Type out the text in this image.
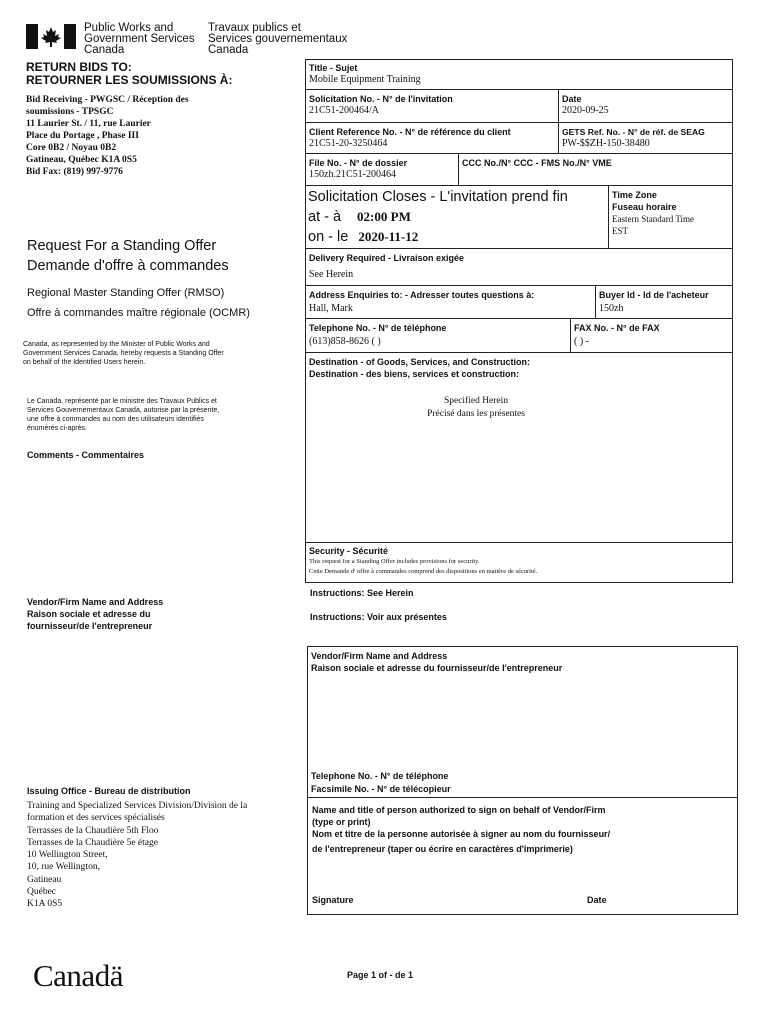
Public Works and
Government Services
Canada
Travaux publics et
Services gouvernementaux
Canada
RETURN BIDS TO:
RETOURNER LES SOUMISSIONS À:
Bid Receiving - PWGSC / Réception des
soumissions - TPSGC
11 Laurier St. / 11, rue Laurier
Place du Portage , Phase III
Core 0B2 / Noyau 0B2
Gatineau, Québec K1A 0S5
Bid Fax: (819) 997-9776
Request For a Standing Offer
Demande d'offre à commandes
Regional Master Standing Offer (RMSO)
Offre à commandes maître régionale (OCMR)
Canada, as represented by the Minister of Public Works and
Government Services Canada, hereby requests a Standing Offer
on behalf of the Identified Users herein.
Le Canada, représenté par le ministre des Travaux Publics et
Services Gouvernementaux Canada, autorise par la présente,
une offre à commandes au nom des utilisateurs identifiés
énumérés ci-après.
Comments - Commentaires
Vendor/Firm Name and Address
Raison sociale et adresse du
fournisseur/de l'entrepreneur
Issuing Office - Bureau de distribution
Training and Specialized Services Division/Division de la
formation et des services spécialisés
Terrasses de la Chaudière 5th Floo
Terrasses de la Chaudière 5e étage
10 Wellington Street,
10, rue Wellington,
Gatineau
Québec
K1A 0S5
Title - Sujet
Mobile Equipment Training
Solicitation No. - N° de l'invitation
21C51-200464/A
Date
2020-09-25
Client Reference No. - N° de référence du client
21C51-20-3250464
GETS Ref. No. - N° de réf. de SEAG
PW-$$ZH-150-38480
File No. - N° de dossier
150zh.21C51-200464
CCC No./N° CCC - FMS No./N° VME
Solicitation Closes - L'invitation prend fin
at - à 02:00 PM
on - le 2020-11-12
Time Zone
Fuseau horaire
Eastern Standard Time
EST
Delivery Required - Livraison exigée
See Herein
Address Enquiries to: - Adresser toutes questions à:
Hall, Mark
Buyer Id - Id de l'acheteur
150zh
Telephone No. - N° de téléphone
(613)858-8626 ( )
FAX No. - N° de FAX
( ) -
Destination - of Goods, Services, and Construction:
Destination - des biens, services et construction:
Specified Herein
Précisé dans les présentes
Security - Sécurité
This request for a Standing Offer includes provisions for security.
Cette Demande d' offre à commandes comprend des dispositions en matière de sécurité.
Instructions: See Herein
Instructions: Voir aux présentes
Vendor/Firm Name and Address
Raison sociale et adresse du fournisseur/de l'entrepreneur
Telephone No. - N° de téléphone
Facsimile No. - N° de télécopieur
Name and title of person authorized to sign on behalf of Vendor/Firm
(type or print)
Nom et titre de la personne autorisée à signer au nom du fournisseur/
de l'entrepreneur (taper ou écrire en caractères d'imprimerie)
Signature	Date
Canadä	Page 1 of - de 1
